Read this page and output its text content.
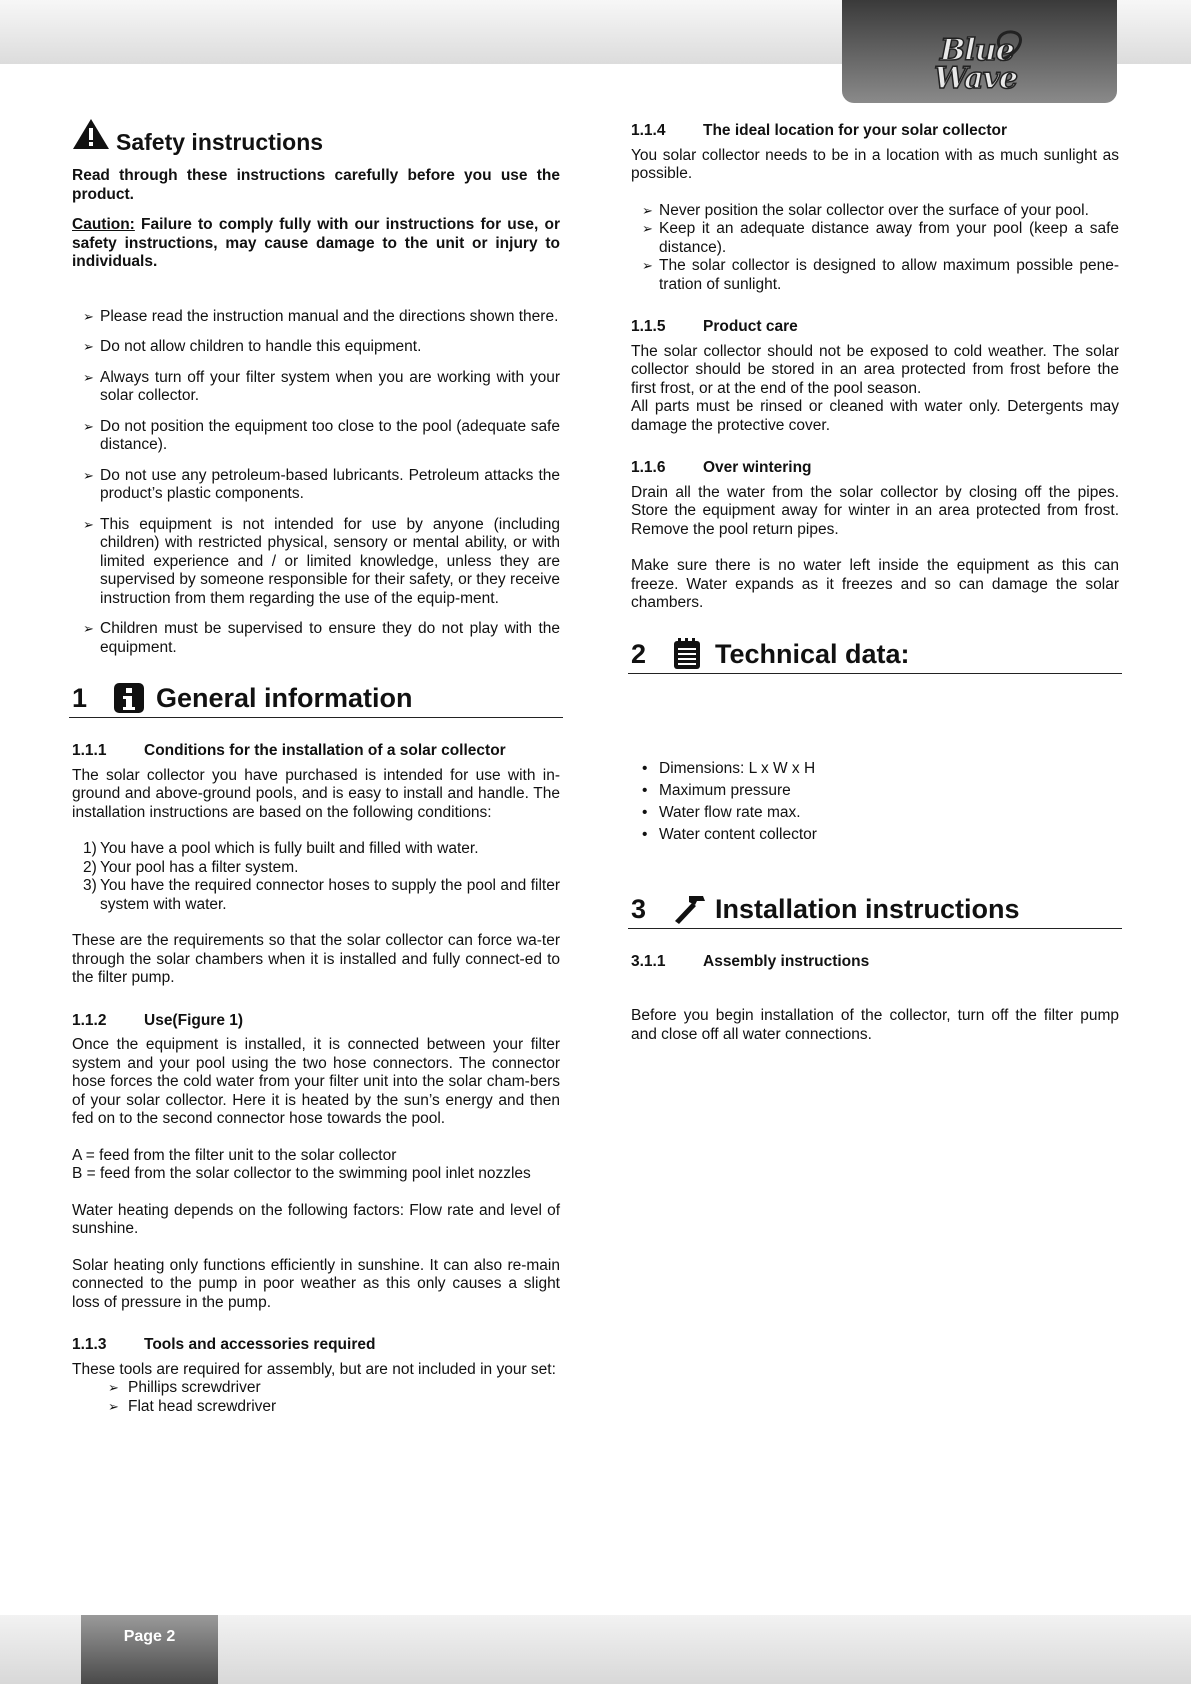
Blue
Wave
Safety instructions

Read through these instructions carefully before you use the product.

Caution: Failure to comply fully with our instructions for use, or safety instructions, may cause damage to the unit or injury to individuals.

➢ Please read the instruction manual and the directions shown there.
➢ Do not allow children to handle this equipment.
➢ Always turn off your filter system when you are working with your solar collector.
➢ Do not position the equipment too close to the pool (adequate safe distance).
➢ Do not use any petroleum-based lubricants. Petroleum attacks the product’s plastic components.
➢ This equipment is not intended for use by anyone (including children) with restricted physical, sensory or mental ability, or with limited experience and / or limited knowledge, unless they are supervised by someone responsible for their safety, or they receive instruction from them regarding the use of the equip-ment.
➢ Children must be supervised to ensure they do not play with the equipment.
1	General information
1.1.1	Conditions for the installation of a solar collector

The solar collector you have purchased is intended for use with in-ground and above-ground pools, and is easy to install and handle. The installation instructions are based on the following conditions:

1) You have a pool which is fully built and filled with water.
2) Your pool has a filter system.
3) You have the required connector hoses to supply the pool and filter system with water.

These are the requirements so that the solar collector can force wa-ter through the solar chambers when it is installed and fully connect-ed to the filter pump.

1.1.2	Use(Figure 1)

Once the equipment is installed, it is connected between your filter system and your pool using the two hose connectors. The connector hose forces the cold water from your filter unit into the solar cham-bers of your solar collector. Here it is heated by the sun’s energy and then fed on to the second connector hose towards the pool.

A = feed from the filter unit to the solar collector

B = feed from the solar collector to the swimming pool inlet nozzles

Water heating depends on the following factors: Flow rate and level of sunshine.

Solar heating only functions efficiently in sunshine. It can also re-main connected to the pump in poor weather as this only causes a slight loss of pressure in the pump.

1.1.3	Tools and accessories required

These tools are required for assembly, but are not included in your set:

➢ Phillips screwdriver
➢ Flat head screwdriver
1.1.4	The ideal location for your solar collector

You solar collector needs to be in a location with as much sunlight as possible.

➢ Never position the solar collector over the surface of your pool.
➢ Keep it an adequate distance away from your pool (keep a safe distance).
➢ The solar collector is designed to allow maximum possible pene-tration of sunlight.
1.1.5	Product care

The solar collector should not be exposed to cold weather. The solar collector should be stored in an area protected from frost before the first frost, or at the end of the pool season.

All parts must be rinsed or cleaned with water only. Detergents may damage the protective cover.

1.1.6	Over wintering

Drain all the water from the solar collector by closing off the pipes. Store the equipment away for winter in an area protected from frost. Remove the pool return pipes.

Make sure there is no water left inside the equipment as this can freeze. Water expands as it freezes and so can damage the solar chambers.

2	Technical data:
• Dimensions: L x W x H
• Maximum pressure
• Water flow rate max.
• Water content collector
3	Installation instructions
3.1.1	Assembly instructions

Before you begin installation of the collector, turn off the filter pump and close off all water connections.

Page 2
